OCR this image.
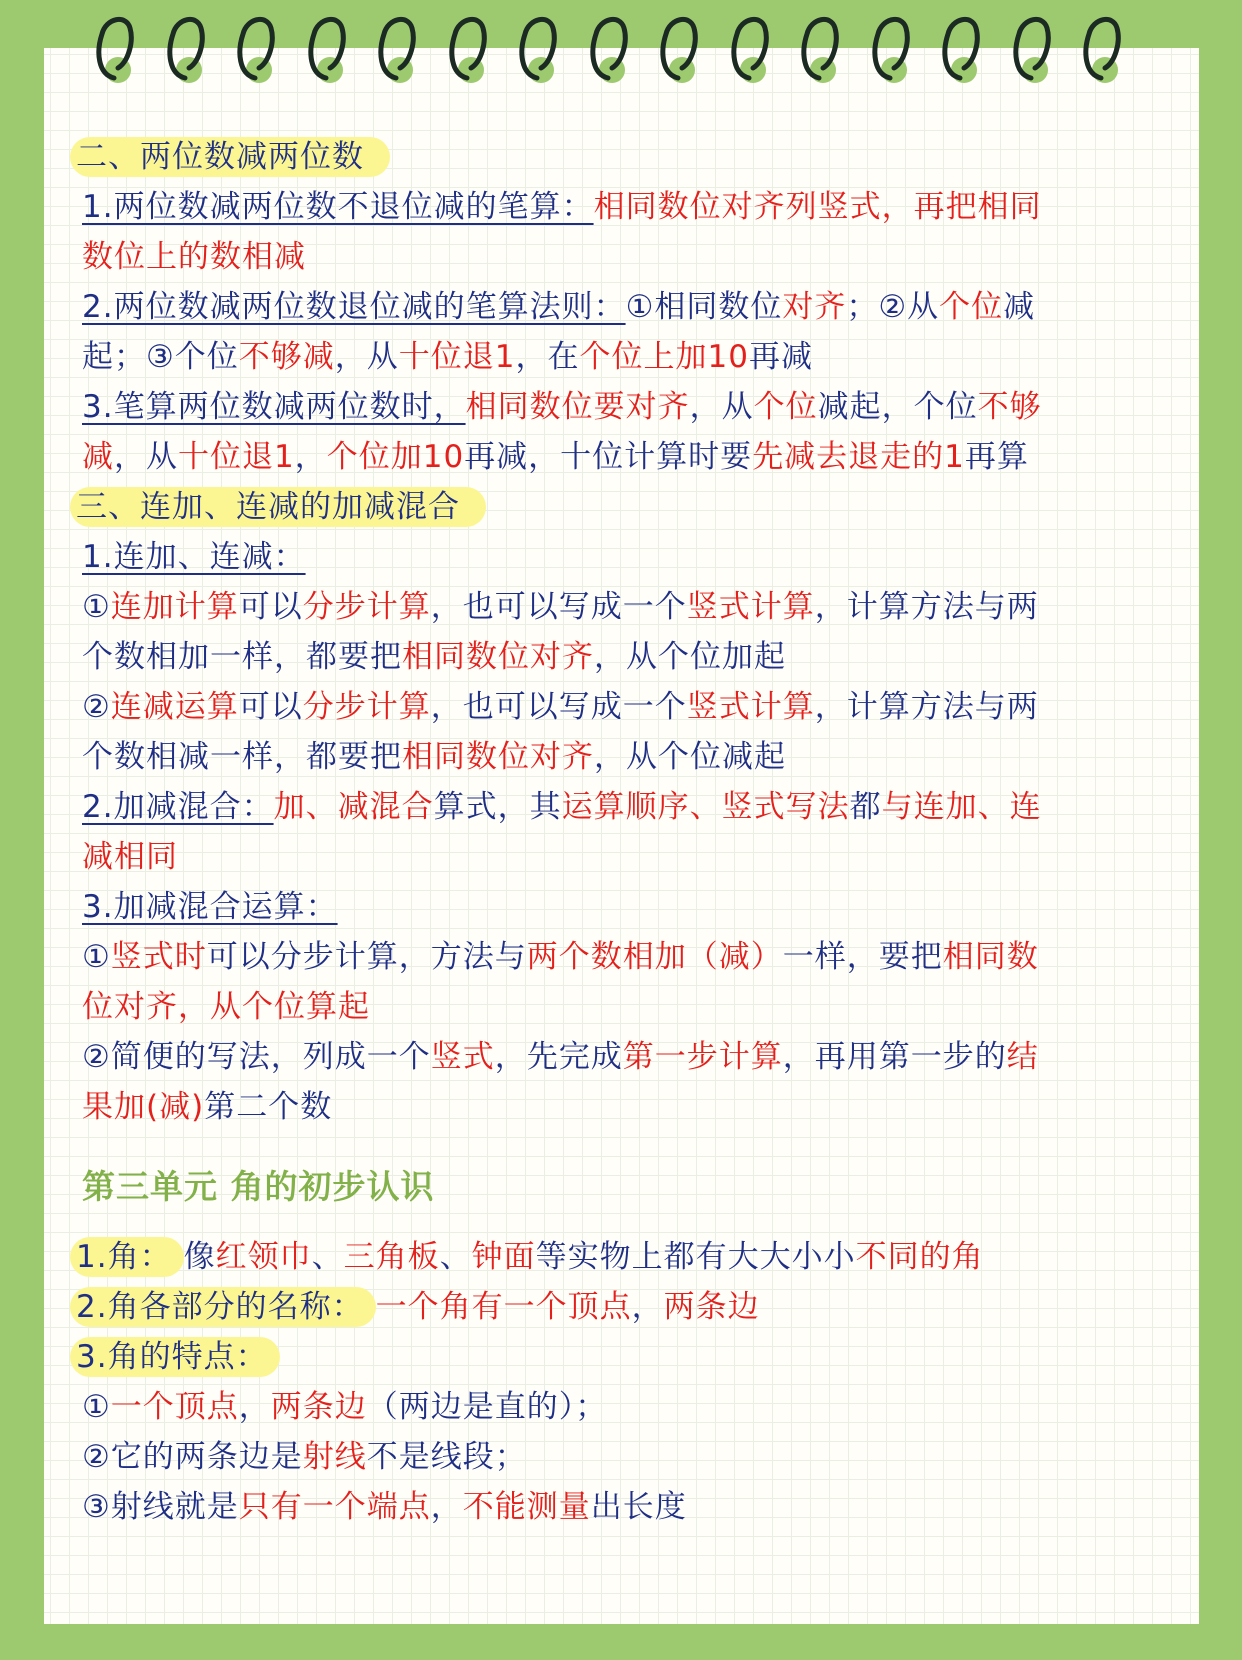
二、两位数减两位数
1.两位数减两位数不退位减的笔算：相同数位对齐列竖式，再把相同
数位上的数相减
2.两位数减两位数退位减的笔算法则：①相同数位对齐；②从个位减
起；③个位不够减，从十位退1，在个位上加10再减
3.笔算两位数减两位数时，相同数位要对齐，从个位减起，个位不够
减，从十位退1，个位加10再减，十位计算时要先减去退走的1再算
三、连加、连减的加减混合
1.连加、连减：
①连加计算可以分步计算，也可以写成一个竖式计算，计算方法与两
个数相加一样，都要把相同数位对齐，从个位加起
②连减运算可以分步计算，也可以写成一个竖式计算，计算方法与两
个数相减一样，都要把相同数位对齐，从个位减起
2.加减混合：加、减混合算式，其运算顺序、竖式写法都与连加、连
减相同
3.加减混合运算：
①竖式时可以分步计算，方法与两个数相加（减）一样，要把相同数
位对齐，从个位算起
②简便的写法，列成一个竖式，先完成第一步计算，再用第一步的结
果加(减)第二个数
第三单元 角的初步认识
1.角： 像红领巾、三角板、钟面等实物上都有大大小小不同的角
2.角各部分的名称： 一个角有一个顶点，两条边
3.角的特点：
①一个顶点，两条边（两边是直的）；
②它的两条边是射线不是线段；
③射线就是只有一个端点，不能测量出长度
